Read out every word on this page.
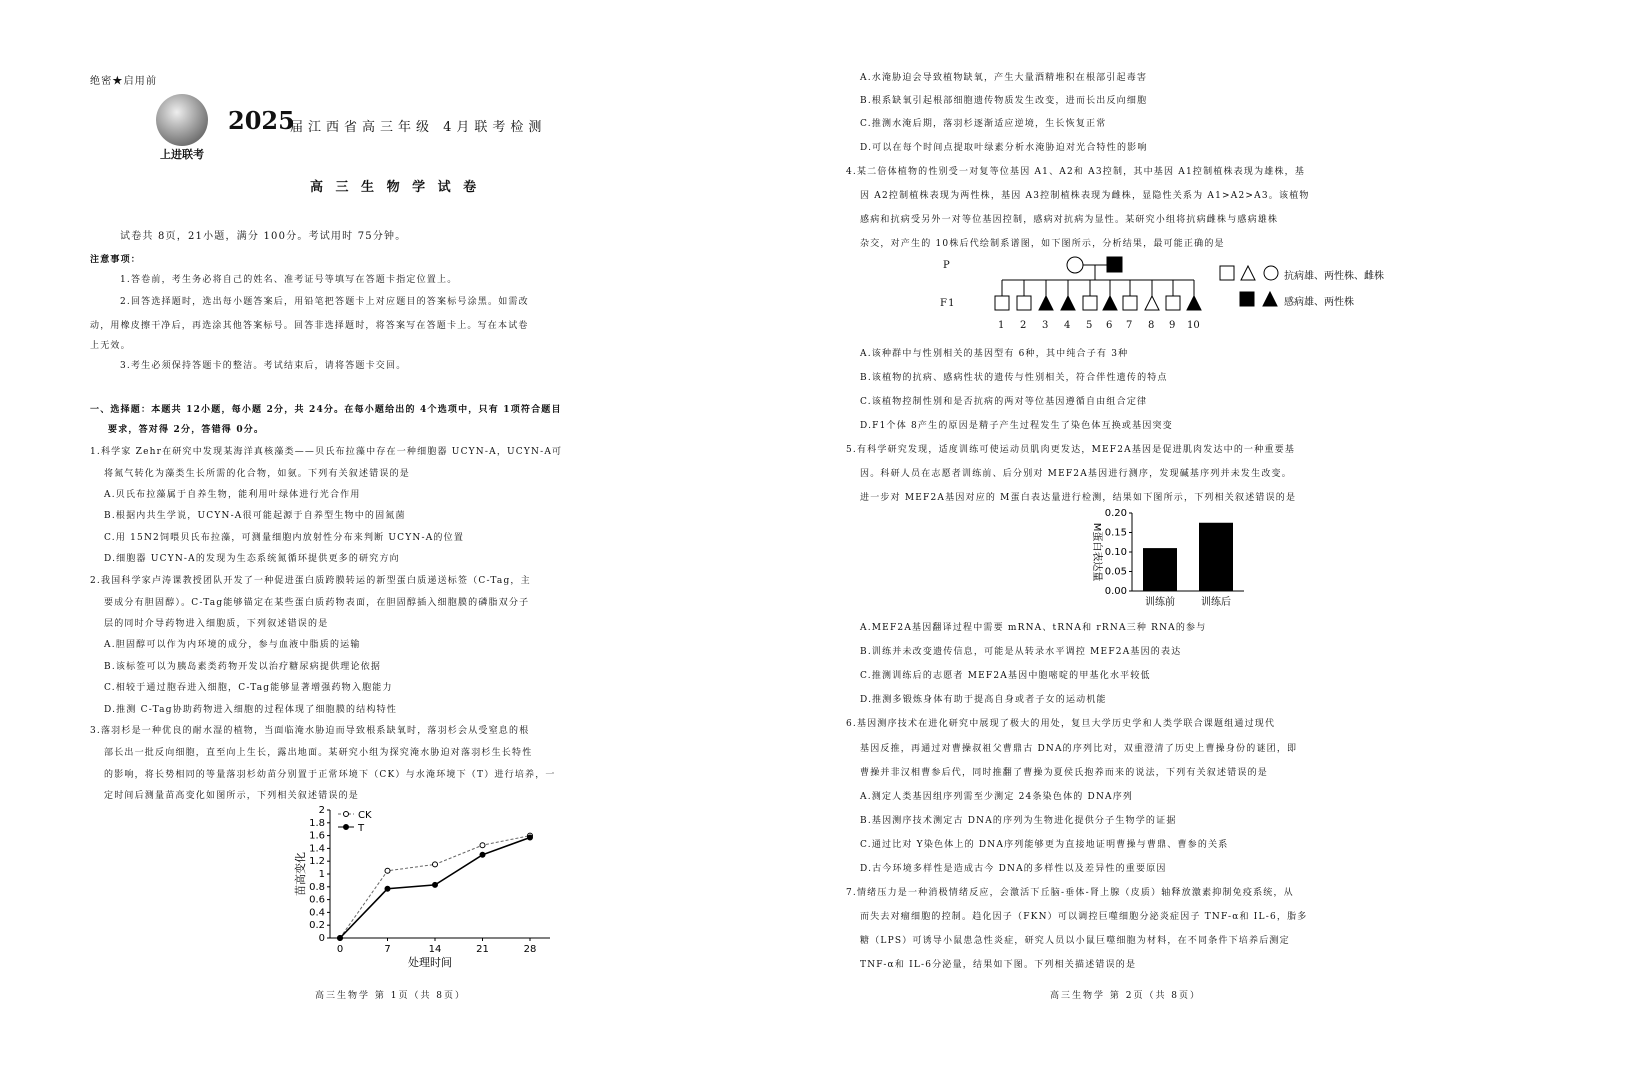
绝密★启用前
上进联考
2025
届江西省高三年级 4月联考检测
高 三 生 物 学 试 卷
试卷共 8页，21小题，满分 100分。考试用时 75分钟。
注意事项：
1.答卷前，考生务必将自己的姓名、准考证号等填写在答题卡指定位置上。
2.回答选择题时，选出每小题答案后，用铅笔把答题卡上对应题目的答案标号涂黑。如需改
动，用橡皮擦干净后，再选涂其他答案标号。回答非选择题时，将答案写在答题卡上。写在本试卷
上无效。
3.考生必须保持答题卡的整洁。考试结束后，请将答题卡交回。
一、选择题：本题共 12小题，每小题 2分，共 24分。在每小题给出的 4个选项中，只有 1项符合题目
要求，答对得 2分，答错得 0分。
1.科学家 Zehr在研究中发现某海洋真核藻类——贝氏布拉藻中存在一种细胞器 UCYN-A，UCYN-A可
将氮气转化为藻类生长所需的化合物，如氨。下列有关叙述错误的是
A.贝氏布拉藻属于自养生物，能利用叶绿体进行光合作用
B.根据内共生学说，UCYN-A很可能起源于自养型生物中的固氮菌
C.用 15N2饲喂贝氏布拉藻，可测量细胞内放射性分布来判断 UCYN-A的位置
D.细胞器 UCYN-A的发现为生态系统氮循环提供更多的研究方向
2.我国科学家卢涛课教授团队开发了一种促进蛋白质跨膜转运的新型蛋白质递送标签（C-Tag，主
要成分有胆固醇）。C-Tag能够锚定在某些蛋白质药物表面，在胆固醇插入细胞膜的磷脂双分子
层的同时介导药物进入细胞质，下列叙述错误的是
A.胆固醇可以作为内环境的成分，参与血液中脂质的运输
B.该标签可以为胰岛素类药物开发以治疗糖尿病提供理论依据
C.相较于通过胞吞进入细胞，C-Tag能够显著增强药物入胞能力
D.推测 C-Tag协助药物进入细胞的过程体现了细胞膜的结构特性
3.落羽杉是一种优良的耐水湿的植物，当面临淹水胁迫而导致根系缺氧时，落羽杉会从受窒息的根
部长出一批反向细胞，直至向上生长，露出地面。某研究小组为探究淹水胁迫对落羽杉生长特性
的影响，将长势相同的等量落羽杉幼苗分别置于正常环境下（CK）与水淹环境下（T）进行培养，一
定时间后测量苗高变化如图所示，下列相关叙述错误的是
0
0.2
0.4
0.6
0.8
1
1.2
1.4
1.6
1.8
2
0	7	14	21	28
处理时间
苗高变化
CK
T
高三生物学 第 1页（共 8页）
A.水淹胁迫会导致植物缺氧，产生大量酒精堆积在根部引起毒害
B.根系缺氧引起根部细胞遗传物质发生改变，进而长出反向细胞
C.推测水淹后期，落羽杉逐渐适应逆境，生长恢复正常
D.可以在每个时间点提取叶绿素分析水淹胁迫对光合特性的影响
4.某二倍体植物的性别受一对复等位基因 A1、A2和 A3控制，其中基因 A1控制植株表现为雄株，基
因 A2控制植株表现为两性株，基因 A3控制植株表现为雌株，显隐性关系为 A1>A2>A3。该植物
感病和抗病受另外一对等位基因控制，感病对抗病为显性。某研究小组将抗病雌株与感病雄株
杂交，对产生的 10株后代绘制系谱图，如下图所示，分析结果，最可能正确的是
P
F1
1 2 3 4 5 6 7 8 9 10
抗病雄、两性株、雌株
感病雄、两性株
A.该种群中与性别相关的基因型有 6种，其中纯合子有 3种
B.该植物的抗病、感病性状的遗传与性别相关，符合伴性遗传的特点
C.该植物控制性别和是否抗病的两对等位基因遵循自由组合定律
D.F1个体 8产生的原因是精子产生过程发生了染色体互换或基因突变
5.有科学研究发现，适度训练可使运动员肌肉更发达，MEF2A基因是促进肌肉发达中的一种重要基
因。科研人员在志愿者训练前、后分别对 MEF2A基因进行测序，发现碱基序列并未发生改变。
进一步对 MEF2A基因对应的 M蛋白表达量进行检测，结果如下图所示，下列相关叙述错误的是
0.00
0.05
0.10
0.15
0.20
训练前	训练后
M蛋白表达量
A.MEF2A基因翻译过程中需要 mRNA、tRNA和 rRNA三种 RNA的参与
B.训练并未改变遗传信息，可能是从转录水平调控 MEF2A基因的表达
C.推测训练后的志愿者 MEF2A基因中胞嘧啶的甲基化水平较低
D.推测多锻炼身体有助于提高自身或者子女的运动机能
6.基因测序技术在进化研究中展现了极大的用处，复旦大学历史学和人类学联合课题组通过现代
基因反推，再通过对曹操叔祖父曹鼎古 DNA的序列比对，双重澄清了历史上曹操身份的谜团，即
曹操并非汉相曹参后代，同时推翻了曹操为夏侯氏抱养而来的说法，下列有关叙述错误的是
A.测定人类基因组序列需至少测定 24条染色体的 DNA序列
B.基因测序技术测定古 DNA的序列为生物进化提供分子生物学的证据
C.通过比对 Y染色体上的 DNA序列能够更为直接地证明曹操与曹鼎、曹参的关系
D.古今环境多样性是造成古今 DNA的多样性以及差异性的重要原因
7.情绪压力是一种消极情绪反应，会激活下丘脑-垂体-肾上腺（皮质）轴释放激素抑制免疫系统，从
而失去对瘤细胞的控制。趋化因子（FKN）可以调控巨噬细胞分泌炎症因子 TNF-α和 IL-6，脂多
糖（LPS）可诱导小鼠患急性炎症，研究人员以小鼠巨噬细胞为材料，在不同条件下培养后测定
TNF-α和 IL-6分泌量，结果如下图。下列相关描述错误的是
高三生物学 第 2页（共 8页）
